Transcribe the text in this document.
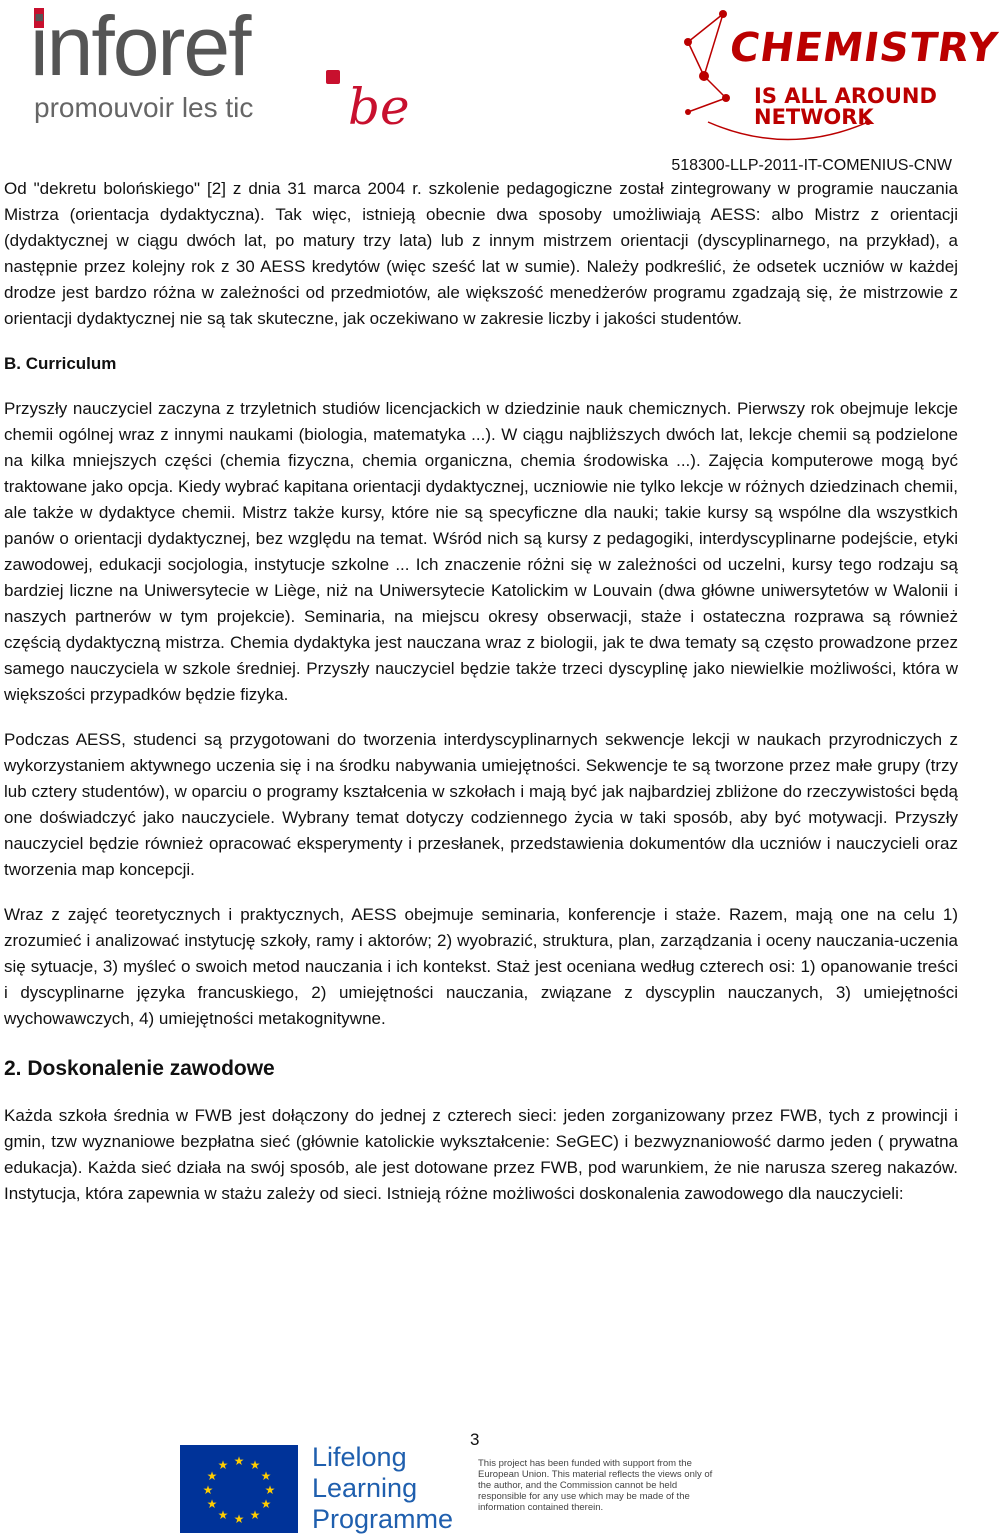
inforef
be
promouvoir les tic
CHEMISTRY
IS ALL AROUND NETWORK
518300-LLP-2011-IT-COMENIUS-CNW

Od "dekretu bolońskiego" [2] z dnia 31 marca 2004 r. szkolenie pedagogiczne został zintegrowany w programie nauczania Mistrza (orientacja dydaktyczna). Tak więc, istnieją obecnie dwa sposoby umożliwiają AESS: albo Mistrz z orientacji (dydaktycznej w ciągu dwóch lat, po matury trzy lata) lub z innym mistrzem orientacji (dyscyplinarnego, na przykład), a następnie przez kolejny rok z 30 AESS kredytów (więc sześć lat w sumie). Należy podkreślić, że odsetek uczniów w każdej drodze jest bardzo różna w zależności od przedmiotów, ale większość menedżerów programu zgadzają się, że mistrzowie z orientacji dydaktycznej nie są tak skuteczne, jak oczekiwano w zakresie liczby i jakości studentów.

B. Curriculum

Przyszły nauczyciel zaczyna z trzyletnich studiów licencjackich w dziedzinie nauk chemicznych. Pierwszy rok obejmuje lekcje chemii ogólnej wraz z innymi naukami (biologia, matematyka ...). W ciągu najbliższych dwóch lat, lekcje chemii są podzielone na kilka mniejszych części (chemia fizyczna, chemia organiczna, chemia środowiska ...). Zajęcia komputerowe mogą być traktowane jako opcja. Kiedy wybrać kapitana orientacji dydaktycznej, uczniowie nie tylko lekcje w różnych dziedzinach chemii, ale także w dydaktyce chemii. Mistrz także kursy, które nie są specyficzne dla nauki; takie kursy są wspólne dla wszystkich panów o orientacji dydaktycznej, bez względu na temat. Wśród nich są kursy z pedagogiki, interdyscyplinarne podejście, etyki zawodowej, edukacji socjologia, instytucje szkolne ... Ich znaczenie różni się w zależności od uczelni, kursy tego rodzaju są bardziej liczne na Uniwersytecie w Liège, niż na Uniwersytecie Katolickim w Louvain (dwa główne uniwersytetów w Walonii i naszych partnerów w tym projekcie). Seminaria, na miejscu okresy obserwacji, staże i ostateczna rozprawa są również częścią dydaktyczną mistrza. Chemia dydaktyka jest nauczana wraz z biologii, jak te dwa tematy są często prowadzone przez samego nauczyciela w szkole średniej. Przyszły nauczyciel będzie także trzeci dyscyplinę jako niewielkie możliwości, która w większości przypadków będzie fizyka.

Podczas AESS, studenci są przygotowani do tworzenia interdyscyplinarnych sekwencje lekcji w naukach przyrodniczych z wykorzystaniem aktywnego uczenia się i na środku nabywania umiejętności. Sekwencje te są tworzone przez małe grupy (trzy lub cztery studentów), w oparciu o programy kształcenia w szkołach i mają być jak najbardziej zbliżone do rzeczywistości będą one doświadczyć jako nauczyciele. Wybrany temat dotyczy codziennego życia w taki sposób, aby być motywacji. Przyszły nauczyciel będzie również opracować eksperymenty i przesłanek, przedstawienia dokumentów dla uczniów i nauczycieli oraz tworzenia map koncepcji.

Wraz z zajęć teoretycznych i praktycznych, AESS obejmuje seminaria, konferencje i staże. Razem, mają one na celu 1) zrozumieć i analizować instytucję szkoły, ramy i aktorów; 2) wyobrazić, struktura, plan, zarządzania i oceny nauczania-uczenia się sytuacje, 3) myśleć o swoich metod nauczania i ich kontekst. Staż jest oceniana według czterech osi: 1) opanowanie treści i dyscyplinarne języka francuskiego, 2) umiejętności nauczania, związane z dyscyplin nauczanych, 3) umiejętności wychowawczych, 4) umiejętności metakognitywne.

2. Doskonalenie zawodowe

Każda szkoła średnia w FWB jest dołączony do jednej z czterech sieci: jeden zorganizowany przez FWB, tych z prowincji i gmin, tzw wyznaniowe bezpłatna sieć (głównie katolickie wykształcenie: SeGEC) i bezwyznaniowość darmo jeden ( prywatna edukacja). Każda sieć działa na swój sposób, ale jest dotowane przez FWB, pod warunkiem, że nie narusza szereg nakazów. Instytucja, która zapewnia w stażu zależy od sieci. Istnieją różne możliwości doskonalenia zawodowego dla nauczycieli:

3
★ ★
★
★
★
★
★
★
★
★
★
★	Lifelong
Learning
Programme
This project has been funded with support from the European Union. This material reflects the views only of the author, and the Commission cannot be held responsible for any use which may be made of the information contained therein.
